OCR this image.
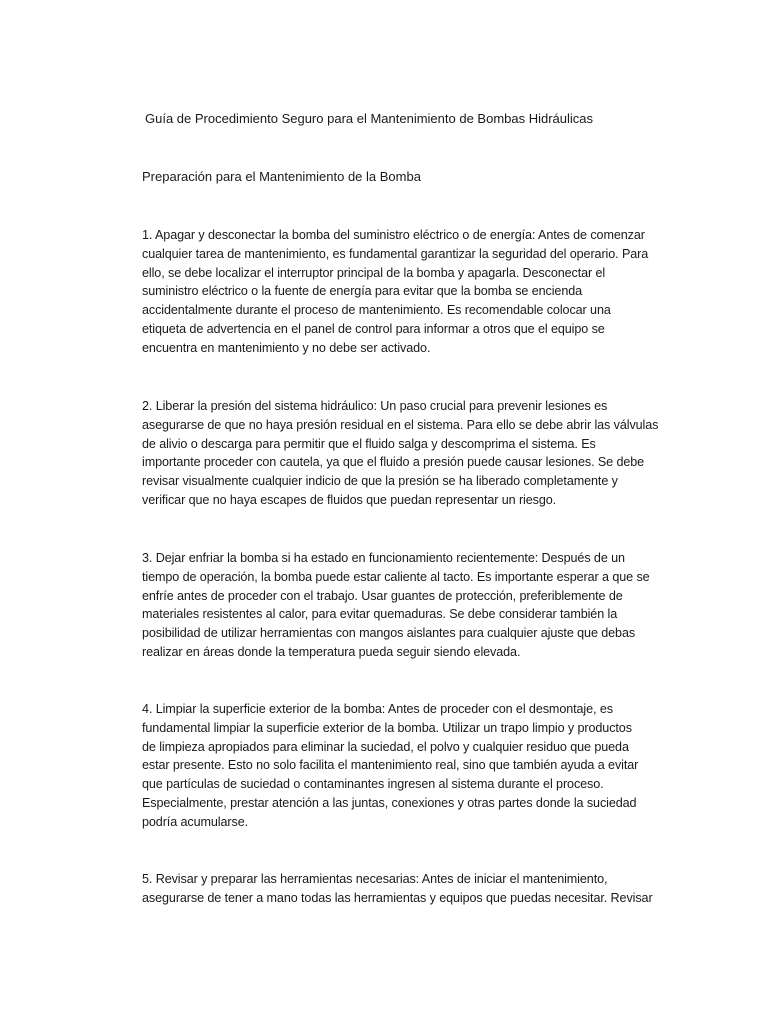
Guía de Procedimiento Seguro para el Mantenimiento de Bombas Hidráulicas
Preparación para el Mantenimiento de la Bomba

1. Apagar y desconectar la bomba del suministro eléctrico o de energía: Antes de comenzar
cualquier tarea de mantenimiento, es fundamental garantizar la seguridad del operario. Para
ello, se debe localizar el interruptor principal de la bomba y apagarla. Desconectar el
suministro eléctrico o la fuente de energía para evitar que la bomba se encienda
accidentalmente durante el proceso de mantenimiento. Es recomendable colocar una
etiqueta de advertencia en el panel de control para informar a otros que el equipo se
encuentra en mantenimiento y no debe ser activado.

2. Liberar la presión del sistema hidráulico: Un paso crucial para prevenir lesiones es
asegurarse de que no haya presión residual en el sistema. Para ello se debe abrir las válvulas
de alivio o descarga para permitir que el fluido salga y descomprima el sistema. Es
importante proceder con cautela, ya que el fluido a presión puede causar lesiones. Se debe
revisar visualmente cualquier indicio de que la presión se ha liberado completamente y
verificar que no haya escapes de fluidos que puedan representar un riesgo.

3. Dejar enfriar la bomba si ha estado en funcionamiento recientemente: Después de un
tiempo de operación, la bomba puede estar caliente al tacto. Es importante esperar a que se
enfríe antes de proceder con el trabajo. Usar guantes de protección, preferiblemente de
materiales resistentes al calor, para evitar quemaduras. Se debe considerar también la
posibilidad de utilizar herramientas con mangos aislantes para cualquier ajuste que debas
realizar en áreas donde la temperatura pueda seguir siendo elevada.

4. Limpiar la superficie exterior de la bomba: Antes de proceder con el desmontaje, es
fundamental limpiar la superficie exterior de la bomba. Utilizar un trapo limpio y productos
de limpieza apropiados para eliminar la suciedad, el polvo y cualquier residuo que pueda
estar presente. Esto no solo facilita el mantenimiento real, sino que también ayuda a evitar
que partículas de suciedad o contaminantes ingresen al sistema durante el proceso.
Especialmente, prestar atención a las juntas, conexiones y otras partes donde la suciedad
podría acumularse.

5. Revisar y preparar las herramientas necesarias: Antes de iniciar el mantenimiento,
asegurarse de tener a mano todas las herramientas y equipos que puedas necesitar. Revisar
